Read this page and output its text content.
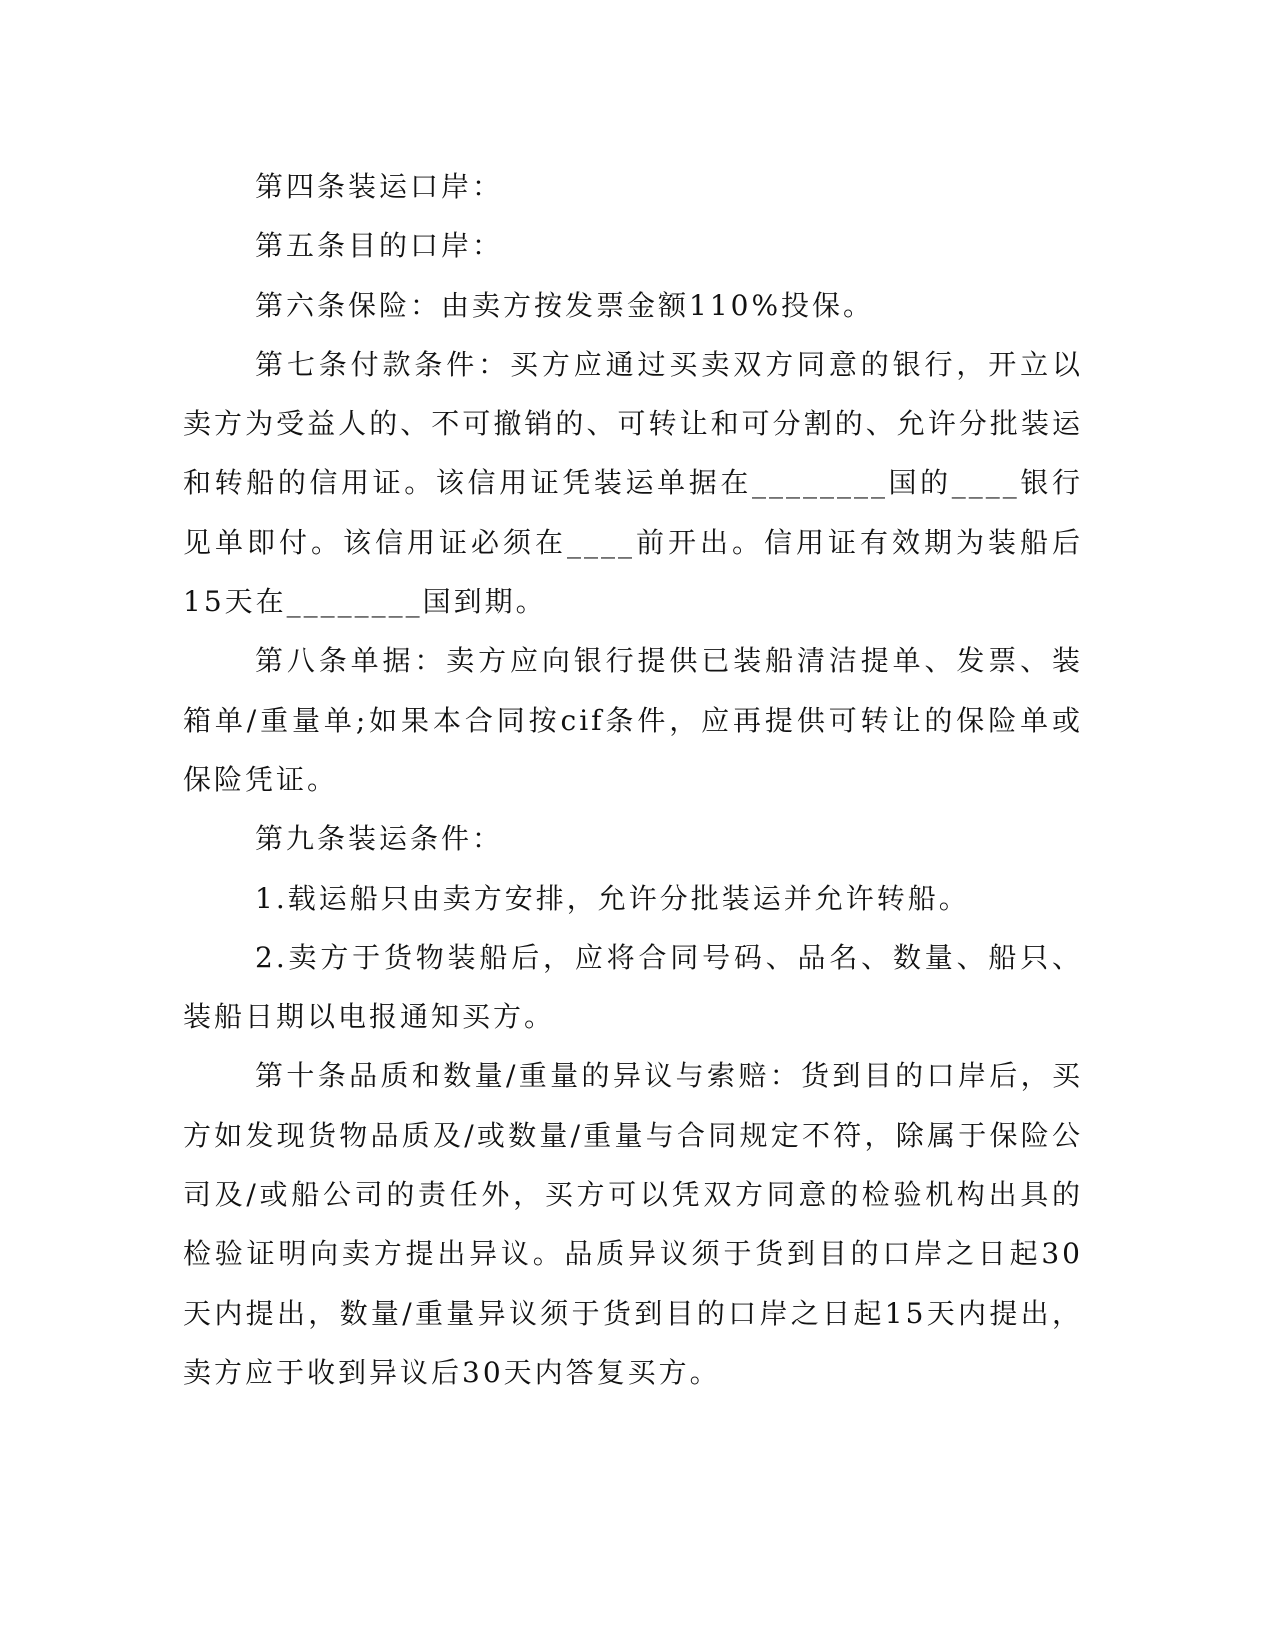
第四条装运口岸：

第五条目的口岸：

第六条保险：由卖方按发票金额110%投保。

第七条付款条件：买方应通过买卖双方同意的银行，开立以卖方为受益人的、不可撤销的、可转让和可分割的、允许分批装运和转船的信用证。该信用证凭装运单据在________国的____银行见单即付。该信用证必须在____前开出。信用证有效期为装船后15天在________国到期。

第八条单据：卖方应向银行提供已装船清洁提单、发票、装箱单/重量单;如果本合同按cif条件，应再提供可转让的保险单或保险凭证。

第九条装运条件：

1.载运船只由卖方安排，允许分批装运并允许转船。

2.卖方于货物装船后，应将合同号码、品名、数量、船只、装船日期以电报通知买方。

第十条品质和数量/重量的异议与索赔：货到目的口岸后，买方如发现货物品质及/或数量/重量与合同规定不符，除属于保险公司及/或船公司的责任外，买方可以凭双方同意的检验机构出具的检验证明向卖方提出异议。品质异议须于货到目的口岸之日起30天内提出，数量/重量异议须于货到目的口岸之日起15天内提出，卖方应于收到异议后30天内答复买方。
